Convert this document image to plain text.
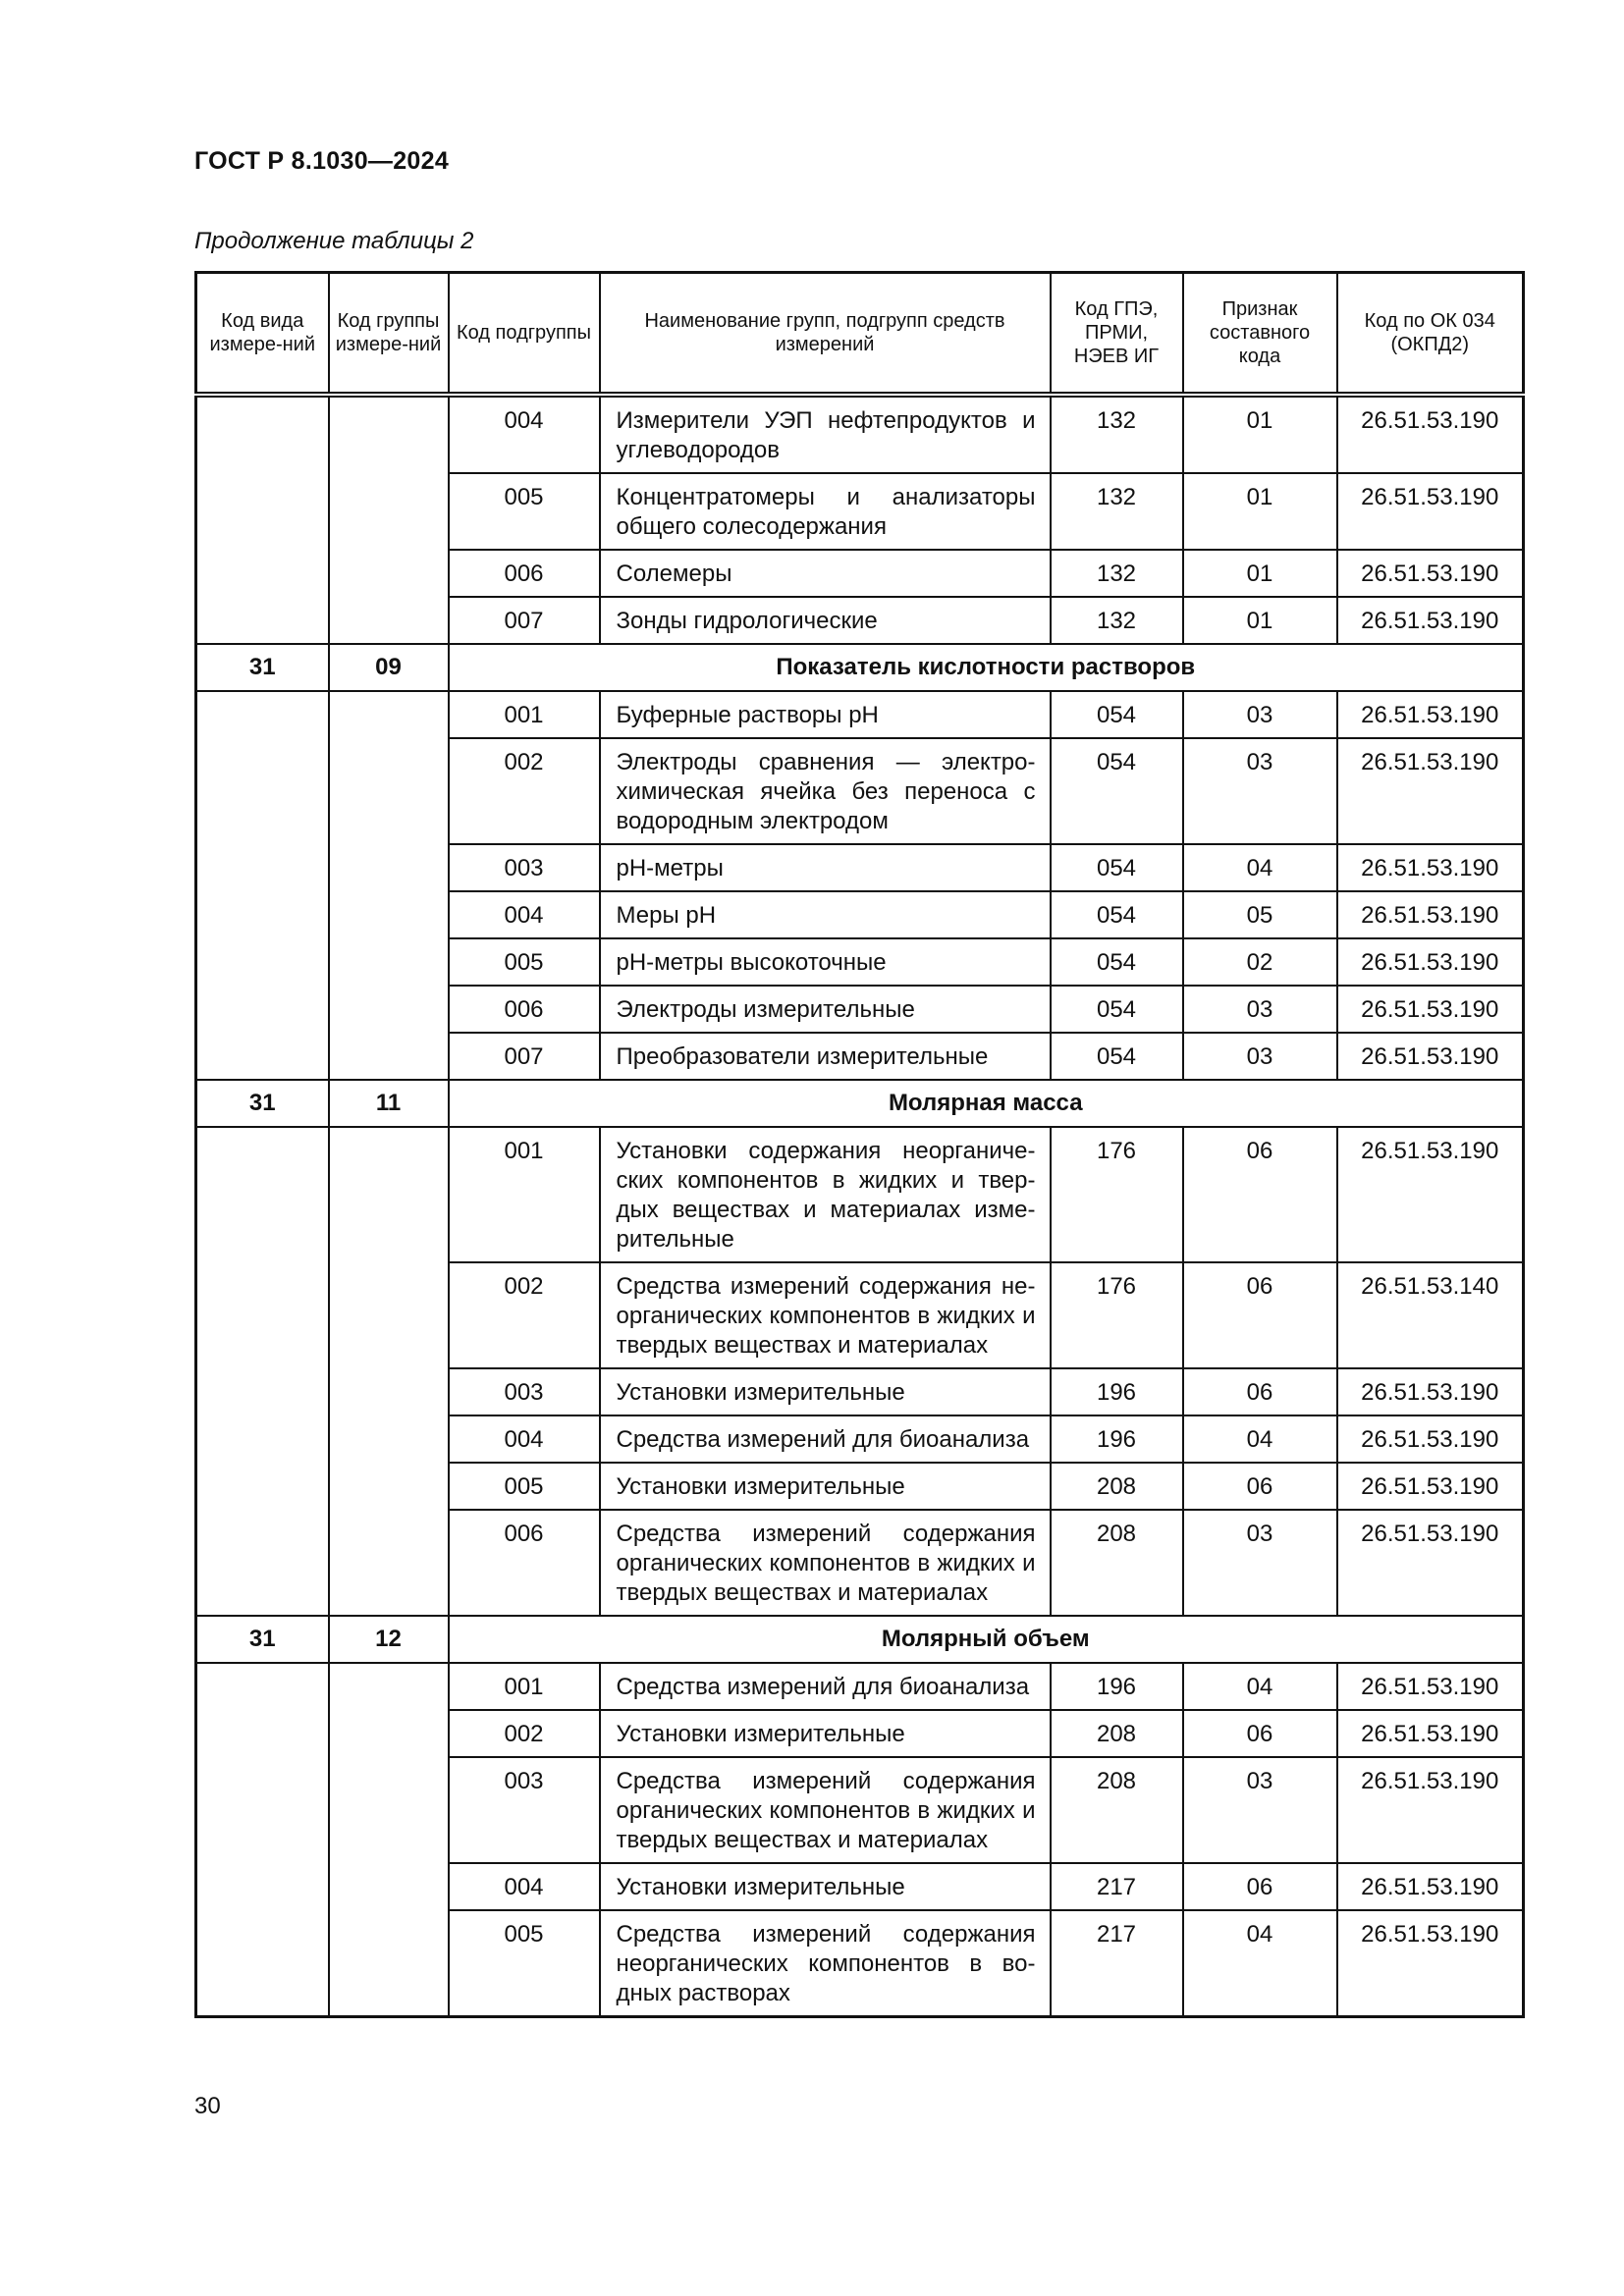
ГОСТ Р 8.1030—2024
Продолжение таблицы 2
Код вида измере-ний	Код группы измере-ний	Код подгруппы	Наименование групп, подгрупп средств измерений	Код ГПЭ, ПРМИ, НЭЕВ ИГ	Признак составного кода	Код по ОК 034 (ОКПД2)
		004	Измерители УЭП нефтепродуктов и углеводородов	132	01	26.51.53.190
		005	Концентратомеры и анализаторы общего солесодержания	132	01	26.51.53.190
		006	Солемеры	132	01	26.51.53.190
		007	Зонды гидрологические	132	01	26.51.53.190
31	09	Показатель кислотности растворов				
		001	Буферные растворы pH	054	03	26.51.53.190
		002	Электроды сравнения — электро-химическая ячейка без переноса с водородным электродом	054	03	26.51.53.190
		003	pH-метры	054	04	26.51.53.190
		004	Меры pH	054	05	26.51.53.190
		005	pH-метры высокоточные	054	02	26.51.53.190
		006	Электроды измерительные	054	03	26.51.53.190
		007	Преобразователи измерительные	054	03	26.51.53.190
31	11	Молярная масса				
		001	Установки содержания неорганиче-ских компонентов в жидких и твер-дых веществах и материалах изме-рительные	176	06	26.51.53.190
		002	Средства измерений содержания не-органических компонентов в жидких и твердых веществах и материалах	176	06	26.51.53.140
		003	Установки измерительные	196	06	26.51.53.190
		004	Средства измерений для биоанализа	196	04	26.51.53.190
		005	Установки измерительные	208	06	26.51.53.190
		006	Средства измерений содержания органических компонентов в жидких и твердых веществах и материалах	208	03	26.51.53.190
31	12	Молярный объем				
		001	Средства измерений для биоанализа	196	04	26.51.53.190
		002	Установки измерительные	208	06	26.51.53.190
		003	Средства измерений содержания органических компонентов в жидких и твердых веществах и материалах	208	03	26.51.53.190
		004	Установки измерительные	217	06	26.51.53.190
		005	Средства измерений содержания неорганических компонентов в во-дных растворах	217	04	26.51.53.190
30
